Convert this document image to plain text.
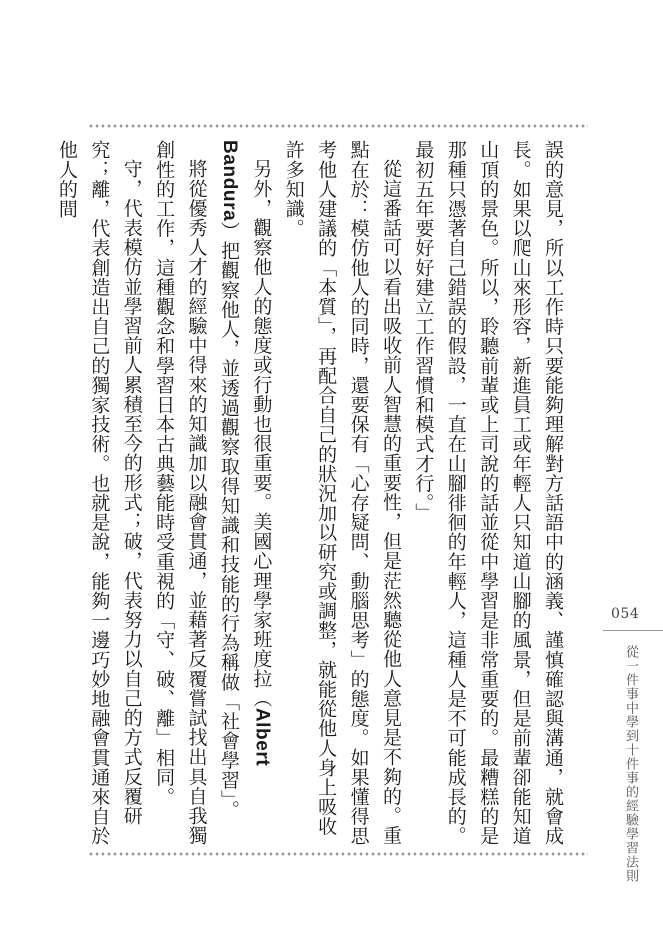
誤的意見，所以工作時只要能夠理解對方話語中的涵義、謹慎確認與溝通，就會成長。如果以爬山來形容，新進員工或年輕人只知道山腳的風景，但是前輩卻能知道山頂的景色。所以，聆聽前輩或上司說的話並從中學習是非常重要的。最糟糕的是那種只憑著自己錯誤的假設，一直在山腳徘徊的年輕人，這種人是不可能成長的。最初五年要好好建立工作習慣和模式才行。」

從這番話可以看出吸收前人智慧的重要性，但是茫然聽從他人意見是不夠的。重點在於：模仿他人的同時，還要保有「心存疑問、動腦思考」的態度。如果懂得思考他人建議的「本質」，再配合自己的狀況加以研究或調整，就能從他人身上吸收許多知識。

另外，觀察他人的態度或行動也很重要。美國心理學家班度拉（Albert Bandura）把觀察他人，並透過觀察取得知識和技能的行為稱做「社會學習」。

將從優秀人才的經驗中得來的知識加以融會貫通，並藉著反覆嘗試找出具自我獨創性的工作，這種觀念和學習日本古典藝能時受重視的「守、破、離」相同。

守，代表模仿並學習前人累積至今的形式；破，代表努力以自己的方式反覆研究；離，代表創造出自己的獨家技術。也就是說，能夠一邊巧妙地融會貫通來自於他人的間

054
從一件事中學到十件事的經驗學習法則
